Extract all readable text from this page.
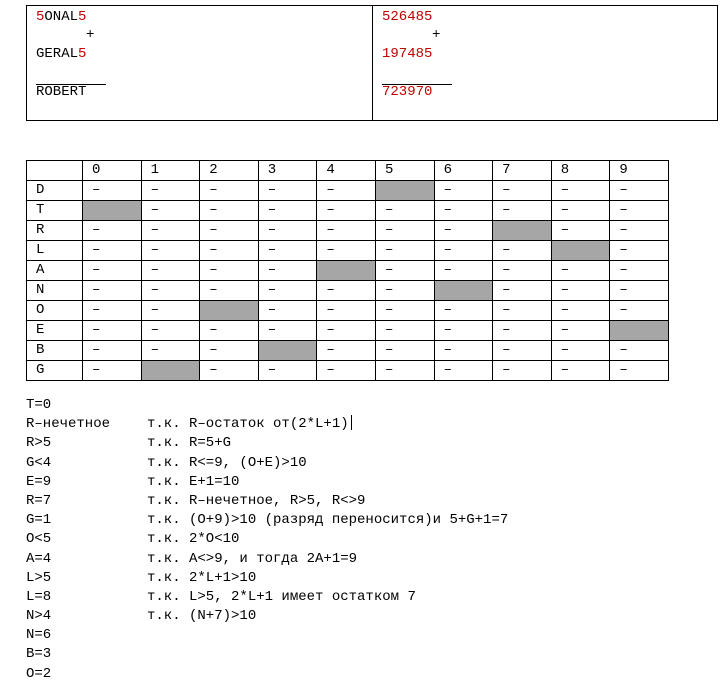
5ONAL5
+
GERAL5
ROBERT
526485
+
197485
723970
	0	1	2	3	4	5	6	7	8	9
D	–	–	–	–	–		–	–	–	–
T		–	–	–	–	–	–	–	–	–
R	–	–	–	–	–	–	–		–	–
L	–	–	–	–	–	–	–	–		–
A	–	–	–	–		–	–	–	–	–
N	–	–	–	–	–	–		–	–	–
O	–	–		–	–	–	–	–	–	–
E	–	–	–	–	–	–	–	–	–	
B	–	–	–		–	–	–	–	–	–
G	–		–	–	–	–	–	–	–	–
T=0
R–нечетное	т.к. R–остаток от(2*L+1)
R>5	т.к. R=5+G
G<4	т.к. R<=9, (O+E)>10
E=9	т.к. E+1=10
R=7	т.к. R–нечетное, R>5, R<>9
G=1	т.к. (O+9)>10 (разряд переносится)и 5+G+1=7
O<5	т.к. 2*O<10
A=4	т.к. A<>9, и тогда 2A+1=9
L>5	т.к. 2*L+1>10
L=8	т.к. L>5, 2*L+1 имеет остатком 7
N>4	т.к. (N+7)>10
N=6
B=3
O=2
